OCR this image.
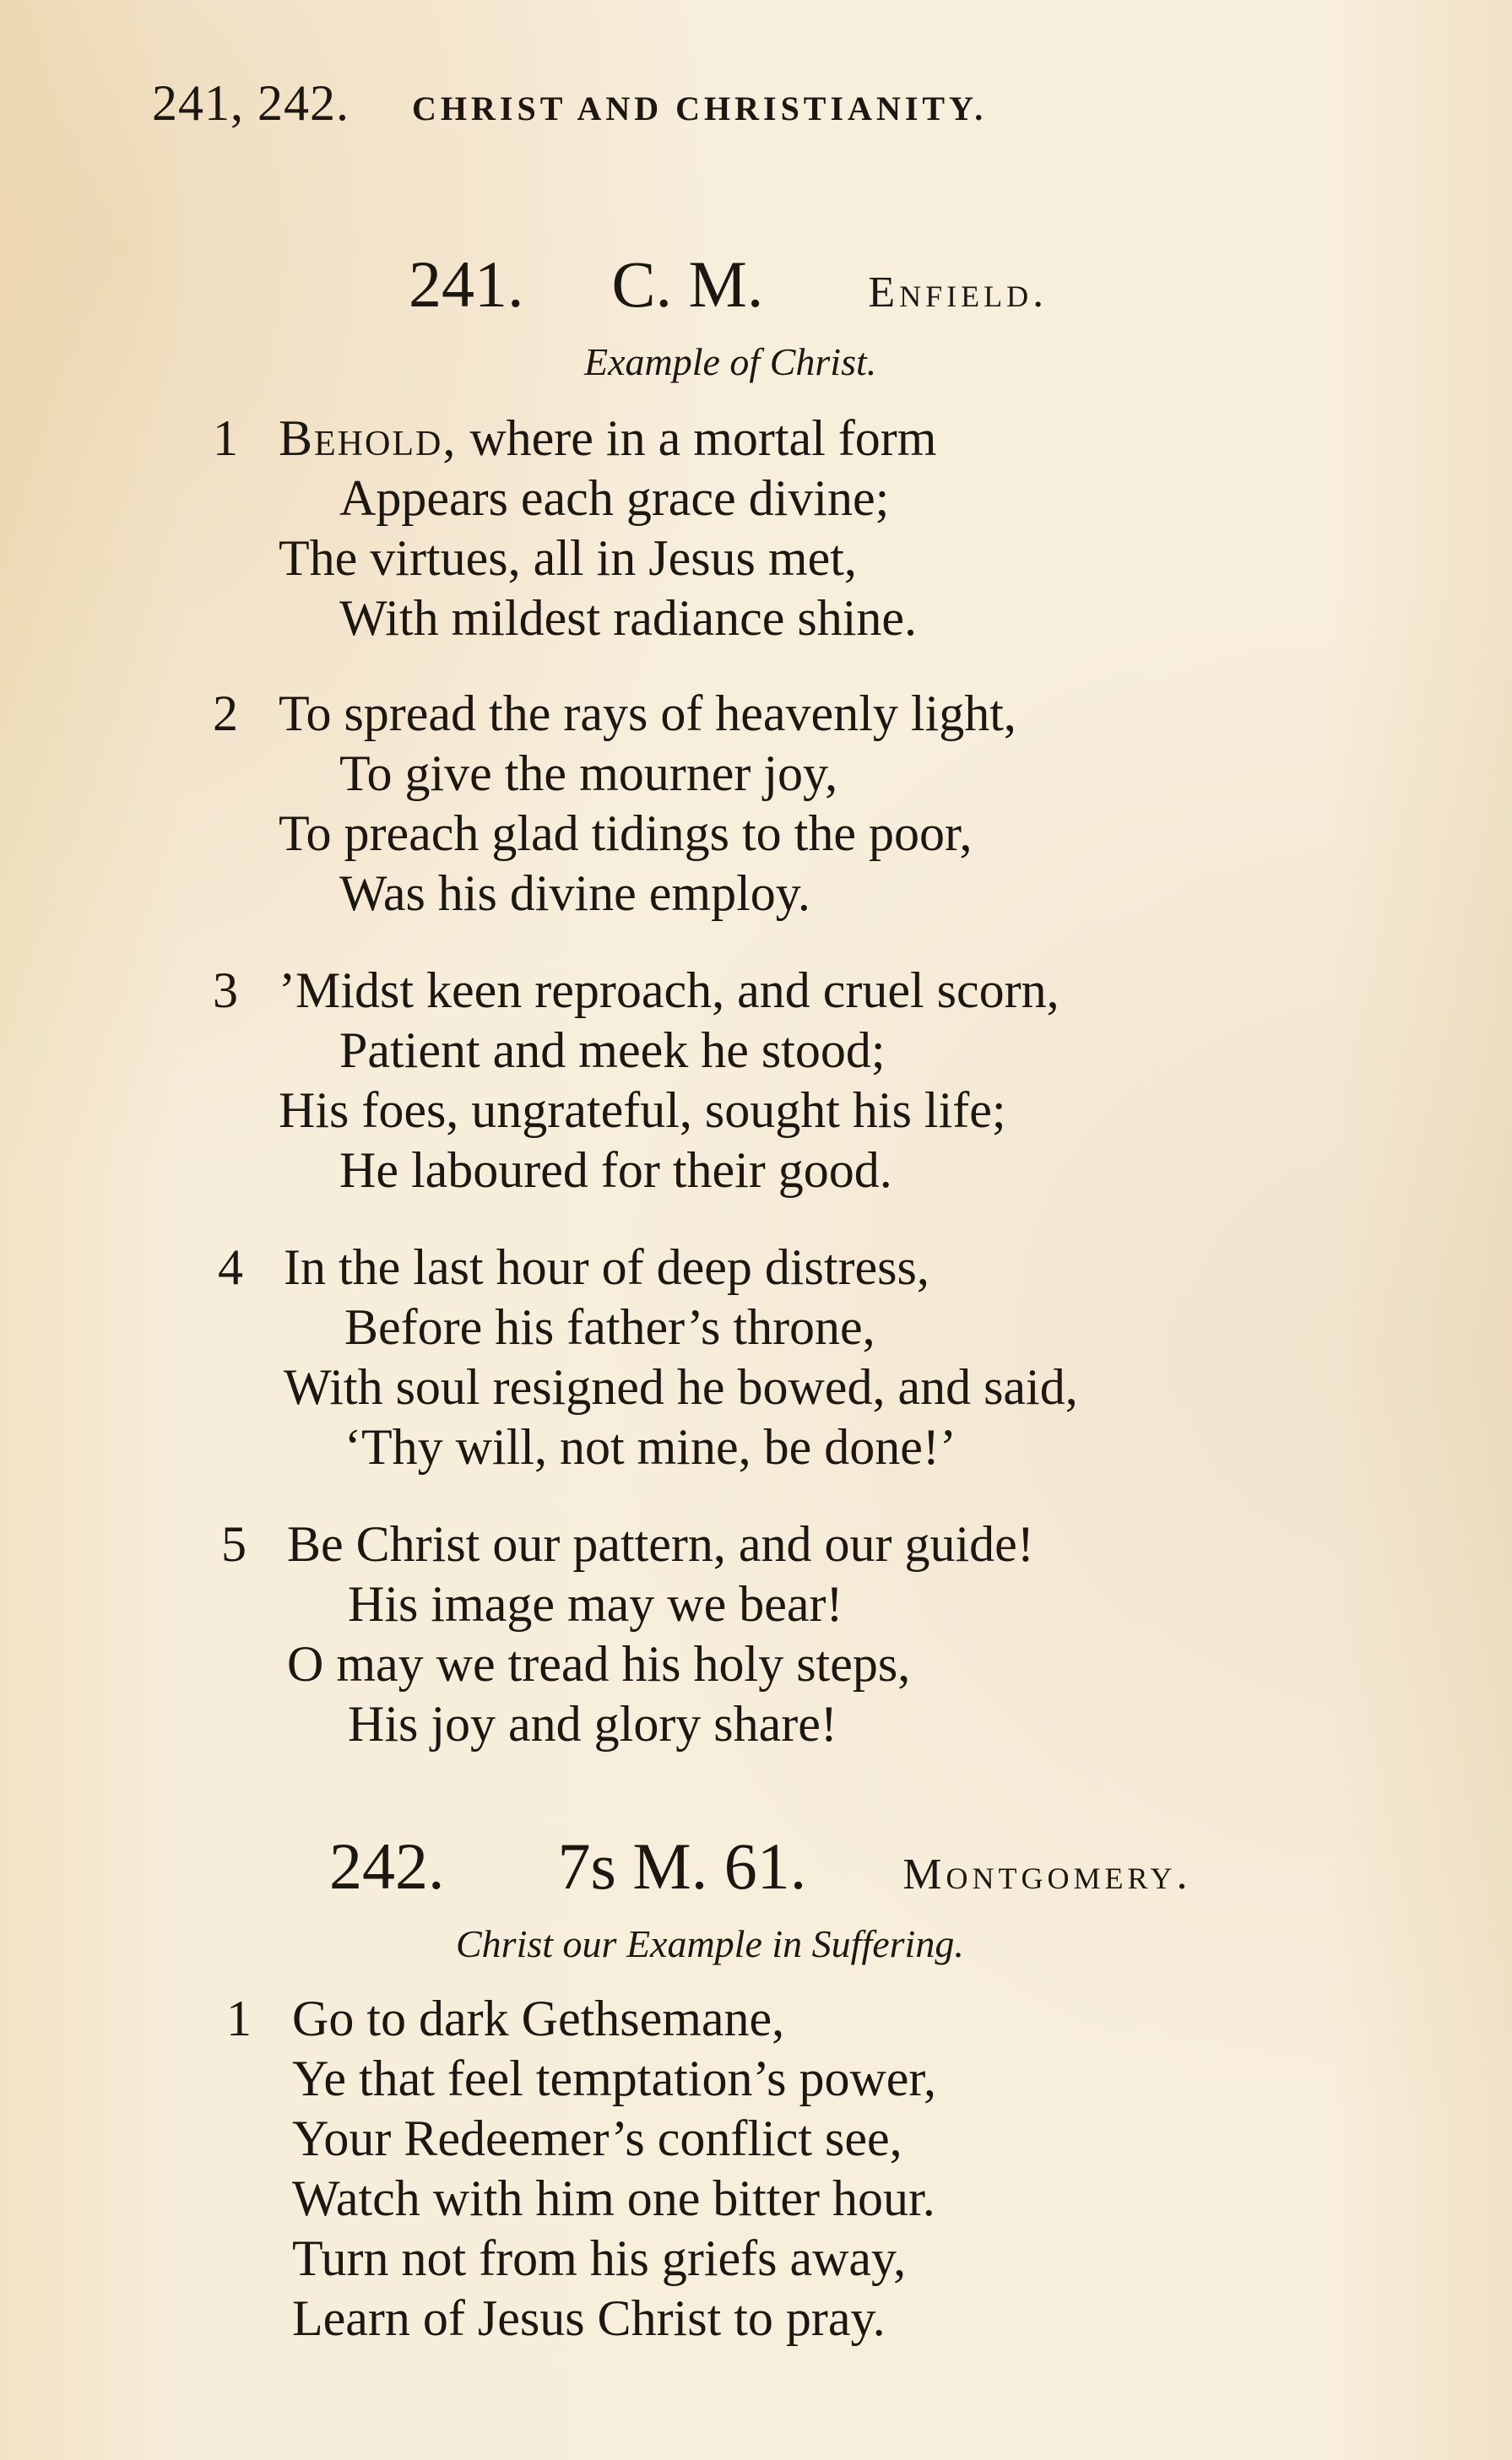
241, 242. CHRIST AND CHRISTIANITY.
241. C. M. Enfield.
Example of Christ.
1 Behold, where in a mortal form
Appears each grace divine;
The virtues, all in Jesus met,
With mildest radiance shine.
2 To spread the rays of heavenly light,
To give the mourner joy,
To preach glad tidings to the poor,
Was his divine employ.
3 ’Midst keen reproach, and cruel scorn,
Patient and meek he stood;
His foes, ungrateful, sought his life;
He laboured for their good.
4 In the last hour of deep distress,
Before his father’s throne,
With soul resigned he bowed, and said,
‘Thy will, not mine, be done!’
5 Be Christ our pattern, and our guide!
His image may we bear!
O may we tread his holy steps,
His joy and glory share!
242. 7s M. 61. Montgomery.
Christ our Example in Suffering.
1 Go to dark Gethsemane,
Ye that feel temptation’s power,
Your Redeemer’s conflict see,
Watch with him one bitter hour.
Turn not from his griefs away,
Learn of Jesus Christ to pray.
